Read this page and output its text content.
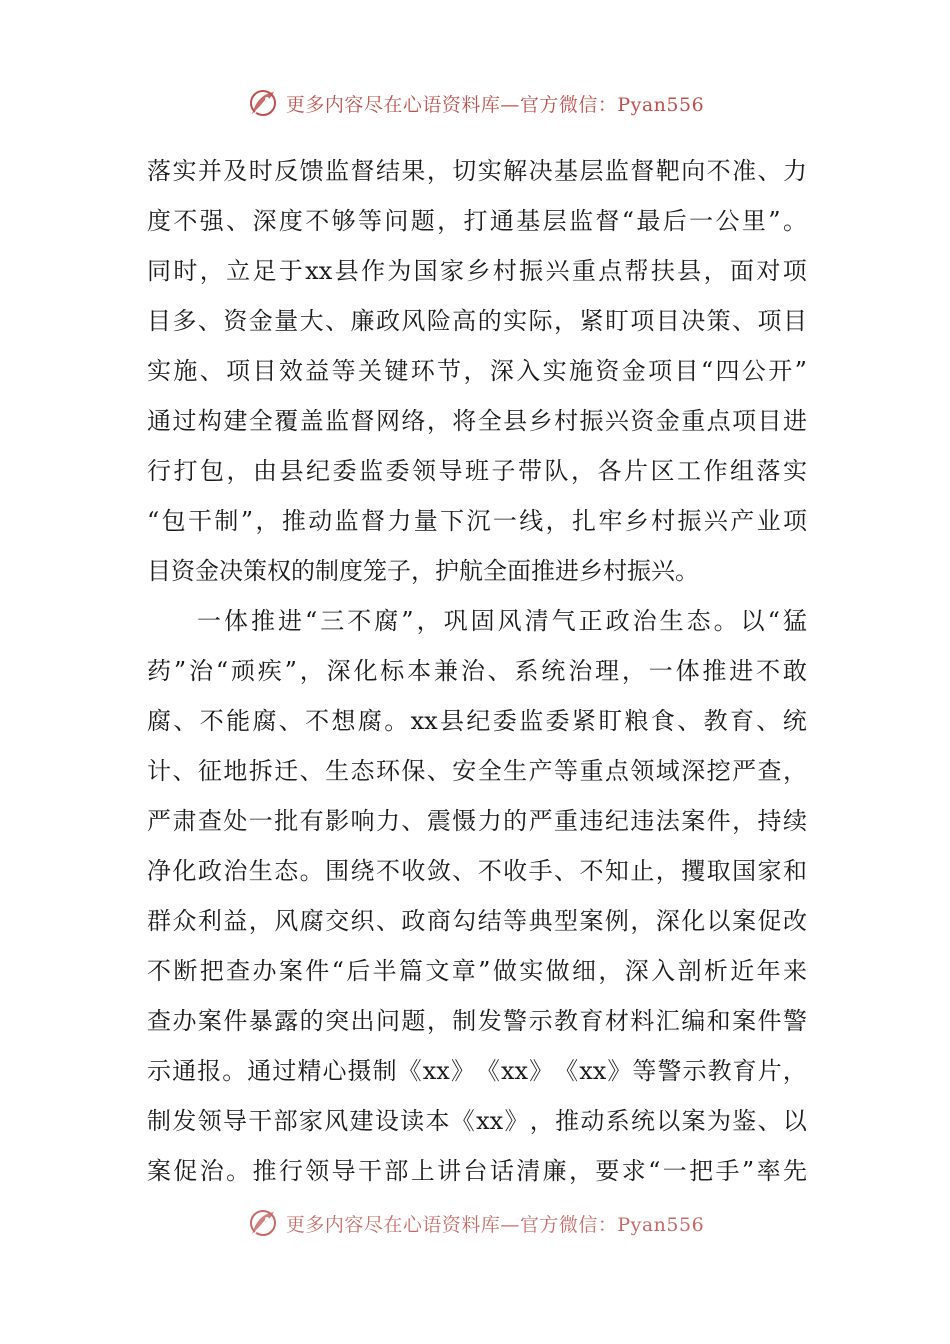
更多内容尽在心语资料库—官方微信：Pyan556
落 实 并 及 时 反 馈 监 督 结 果 ， 切 实 解 决 基 层 监 督 靶 向 不 准 、 力
度 不 强 、 深 度 不 够 等 问 题 ， 打 通 基 层 监 督 “ 最 后 一 公 里 ” 。
同 时 ， 立 足 于 xx 县 作 为 国 家 乡 村 振 兴 重 点 帮 扶 县 ， 面 对 项
目 多 、 资 金 量 大 、 廉 政 风 险 高 的 实 际 ， 紧 盯 项 目 决 策 、 项 目
实 施 、 项 目 效 益 等 关 键 环 节 ， 深 入 实 施 资 金 项 目 “ 四 公 开 ”
通 过 构 建 全 覆 盖 监 督 网 络 ， 将 全 县 乡 村 振 兴 资 金 重 点 项 目 进
行 打 包 ， 由 县 纪 委 监 委 领 导 班 子 带 队 ， 各 片 区 工 作 组 落 实
“ 包 干 制 ” ， 推 动 监 督 力 量 下 沉 一 线 ， 扎 牢 乡 村 振 兴 产 业 项
目资金决策权的制度笼子，护航全面推进乡村振兴。
一 体 推 进 “ 三 不 腐 ” ， 巩 固 风 清 气 正 政 治 生 态 。 以 “ 猛
药 ” 治 “ 顽 疾 ” ， 深 化 标 本 兼 治 、 系 统 治 理 ， 一 体 推 进 不 敢
腐 、 不 能 腐 、 不 想 腐 。 xx 县 纪 委 监 委 紧 盯 粮 食 、 教 育 、 统
计 、 征 地 拆 迁 、 生 态 环 保 、 安 全 生 产 等 重 点 领 域 深 挖 严 查 ，
严 肃 查 处 一 批 有 影 响 力 、 震 慑 力 的 严 重 违 纪 违 法 案 件 ， 持 续
净 化 政 治 生 态 。 围 绕 不 收 敛 、 不 收 手 、 不 知 止 ， 攫 取 国 家 和
群 众 利 益 ， 风 腐 交 织 、 政 商 勾 结 等 典 型 案 例 ， 深 化 以 案 促 改
不 断 把 查 办 案 件 “ 后 半 篇 文 章 ” 做 实 做 细 ， 深 入 剖 析 近 年 来
查 办 案 件 暴 露 的 突 出 问 题 ， 制 发 警 示 教 育 材 料 汇 编 和 案 件 警
示 通 报 。 通 过 精 心 摄 制 《 xx 》 《 xx 》 《 xx 》 等 警 示 教 育 片 ，
制 发 领 导 干 部 家 风 建 设 读 本 《 xx 》 ， 推 动 系 统 以 案 为 鉴 、 以
案 促 治 。 推 行 领 导 干 部 上 讲 台 话 清 廉 ， 要 求 “ 一 把 手 ” 率 先
更多内容尽在心语资料库—官方微信：Pyan556
